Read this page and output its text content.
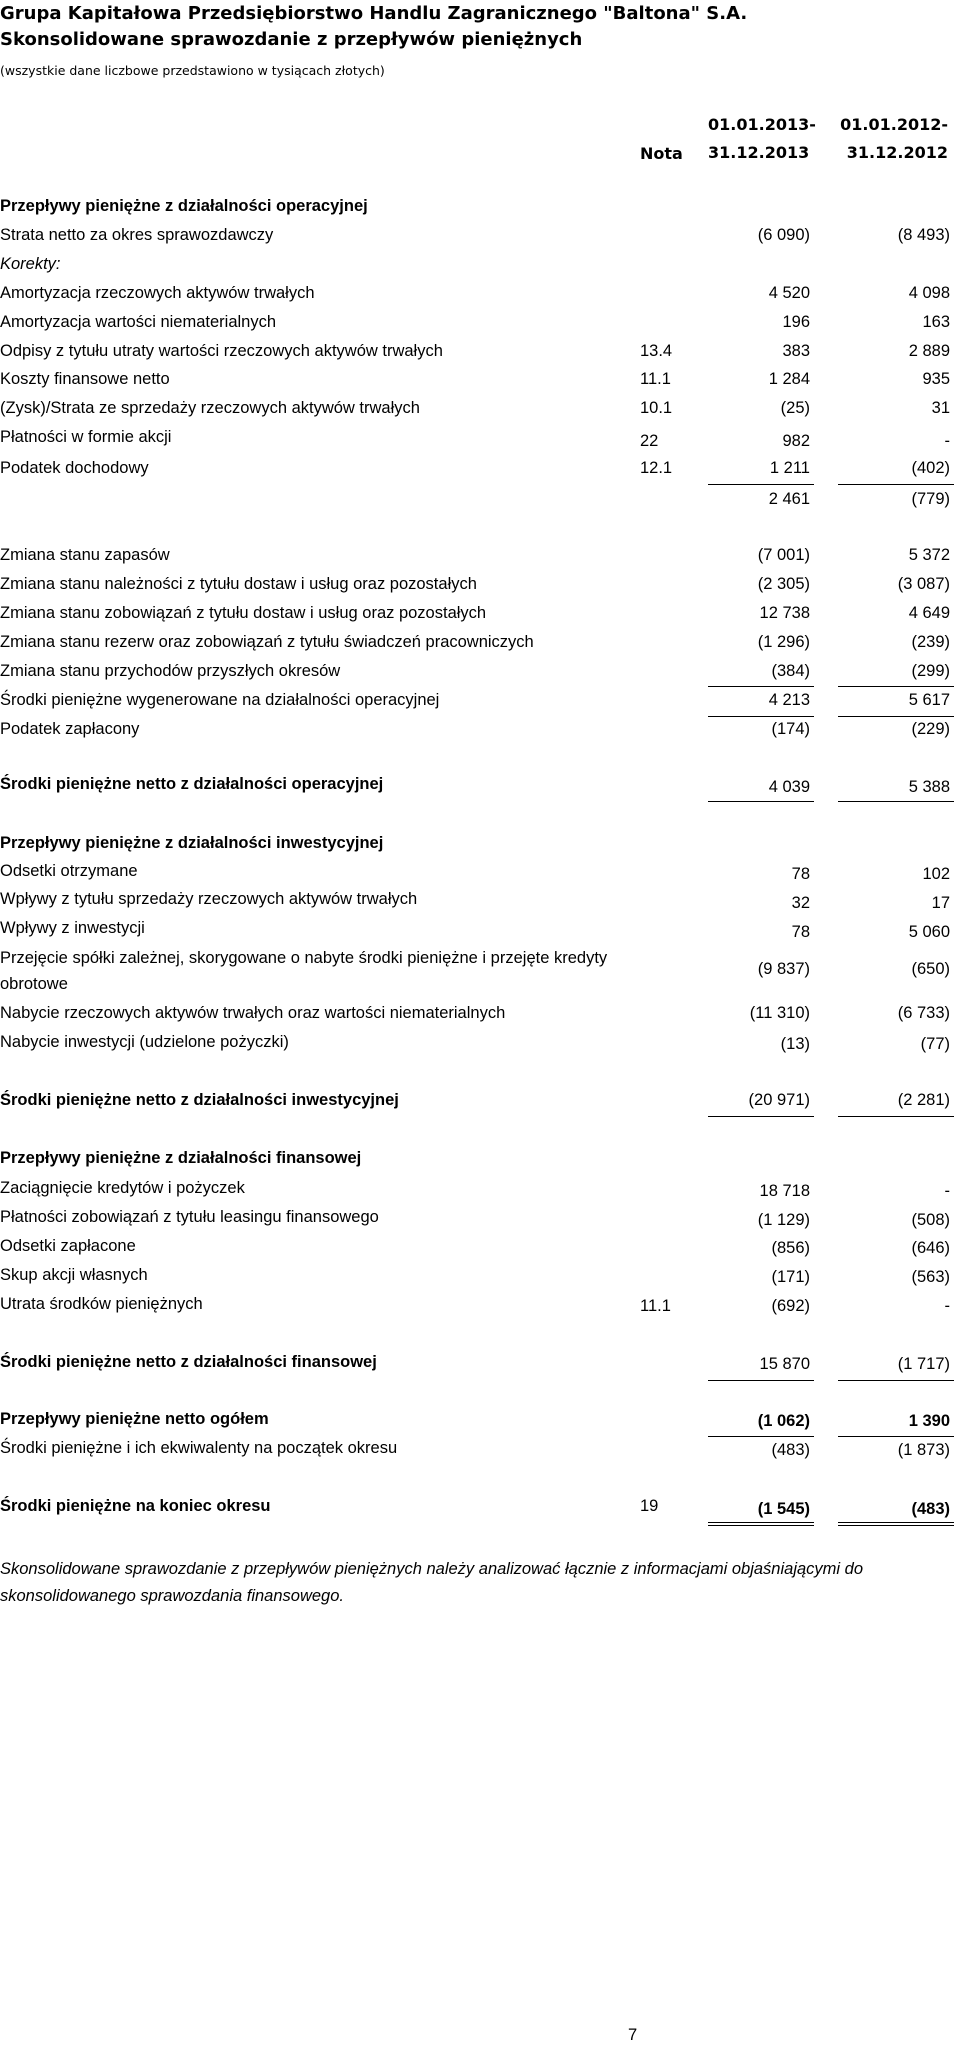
Grupa Kapitałowa Przedsiębiorstwo Handlu Zagranicznego "Baltona" S.A.
Skonsolidowane sprawozdanie z przepływów pieniężnych
(wszystkie dane liczbowe przedstawiono w tysiącach złotych)
Nota
01.01.2013-
31.12.2013
01.01.2012-
31.12.2012
Przepływy pieniężne z działalności operacyjnej
Strata netto za okres sprawozdawczy	(6 090)	(8 493)
Korekty:
Amortyzacja rzeczowych aktywów trwałych	4 520	4 098
Amortyzacja wartości niematerialnych	196	163
Odpisy z tytułu utraty wartości rzeczowych aktywów trwałych	13.4	383	2 889
Koszty finansowe netto	11.1	1 284	935
(Zysk)/Strata ze sprzedaży rzeczowych aktywów trwałych	10.1	(25)	31
Płatności w formie akcji	22	982	-
Podatek dochodowy	12.1	1 211	(402)
2 461	(779)
Zmiana stanu zapasów	(7 001)	5 372
Zmiana stanu należności z tytułu dostaw i usług oraz pozostałych	(2 305)	(3 087)
Zmiana stanu zobowiązań z tytułu dostaw i usług oraz pozostałych	12 738	4 649
Zmiana stanu rezerw oraz zobowiązań z tytułu świadczeń pracowniczych	(1 296)	(239)
Zmiana stanu przychodów przyszłych okresów	(384)	(299)
Środki pieniężne wygenerowane na działalności operacyjnej	4 213	5 617
Podatek zapłacony	(174)	(229)
Środki pieniężne netto z działalności operacyjnej	4 039	5 388
Przepływy pieniężne z działalności inwestycyjnej
Odsetki otrzymane	78	102
Wpływy z tytułu sprzedaży rzeczowych aktywów trwałych	32	17
Wpływy z inwestycji	78	5 060
Przejęcie spółki zależnej, skorygowane o nabyte środki pieniężne i przejęte kredyty
obrotowe
(9 837)	(650)
Nabycie rzeczowych aktywów trwałych oraz wartości niematerialnych	(11 310)	(6 733)
Nabycie inwestycji (udzielone pożyczki)	(13)	(77)
Środki pieniężne netto z działalności inwestycyjnej	(20 971)	(2 281)
Przepływy pieniężne z działalności finansowej
Zaciągnięcie kredytów i pożyczek	18 718	-
Płatności zobowiązań z tytułu leasingu finansowego	(1 129)	(508)
Odsetki zapłacone	(856)	(646)
Skup akcji własnych	(171)	(563)
Utrata środków pieniężnych	11.1	(692)	-
Środki pieniężne netto z działalności finansowej	15 870	(1 717)
Przepływy pieniężne netto ogółem	(1 062)	1 390
Środki pieniężne i ich ekwiwalenty na początek okresu	(483)	(1 873)
Środki pieniężne na koniec okresu	19	(1 545)	(483)
Skonsolidowane sprawozdanie z przepływów pieniężnych należy analizować łącznie z informacjami objaśniającymi do
skonsolidowanego sprawozdania finansowego.
7
